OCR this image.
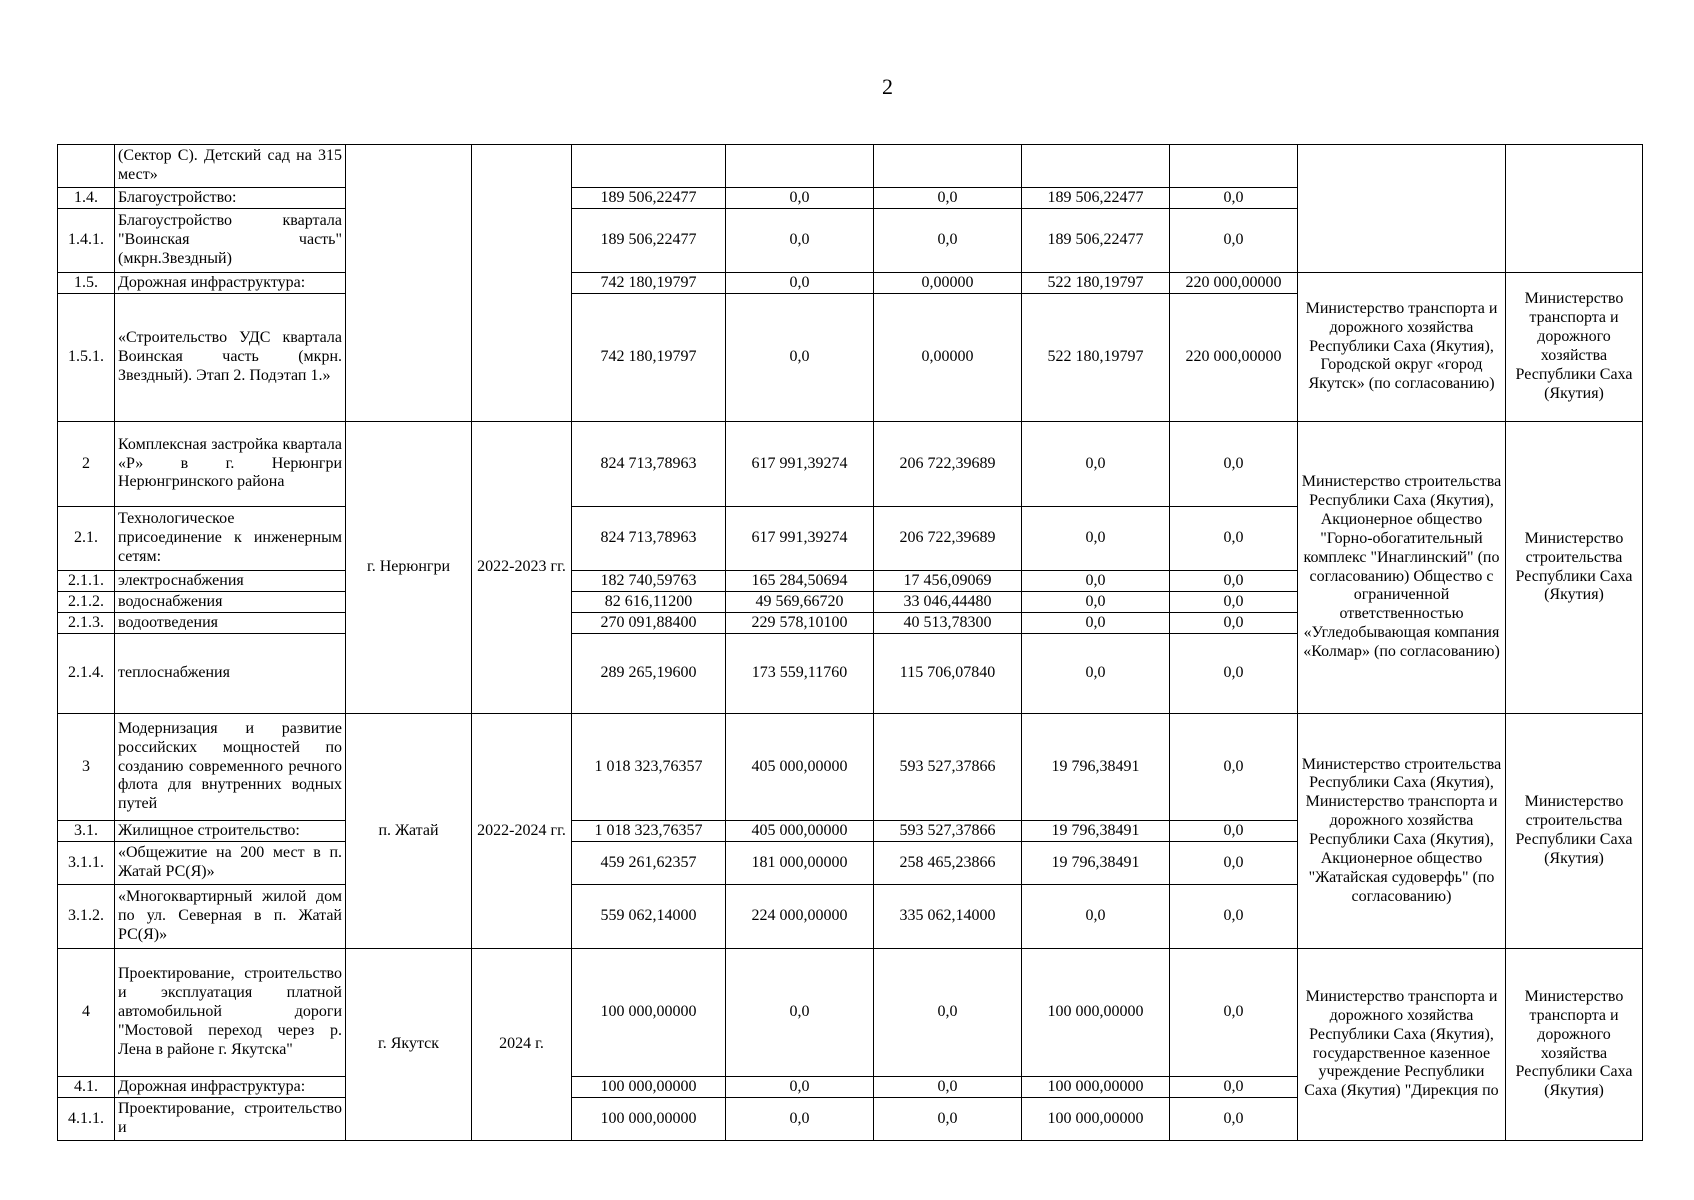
2
	(Сектор С). Детский сад на 315 мест»									
1.4.	Благоустройство:			189 506,22477	0,0	0,0	189 506,22477	0,0		
1.4.1.	Благоустройство квартала "Воинская часть" (мкрн.Звездный)			189 506,22477	0,0	0,0	189 506,22477	0,0		
1.5.	Дорожная инфраструктура:			742 180,19797	0,0	0,00000	522 180,19797	220 000,00000	Министерство транспорта и дорожного хозяйства Республики Саха (Якутия), Городской округ «город Якутск» (по согласованию)	Министерство транспорта и дорожного хозяйства Республики Саха (Якутия)
1.5.1.	«Строительство УДС квартала Воинская часть (мкрн. Звездный). Этап 2. Подэтап 1.»			742 180,19797	0,0	0,00000	522 180,19797	220 000,00000		
2	Комплексная застройка квартала «Р» в г. Нерюнгри Нерюнгринского района	г. Нерюнгри	2022-2023 гг.	824 713,78963	617 991,39274	206 722,39689	0,0	0,0	Министерство строительства Республики Саха (Якутия), Акционерное общество "Горно-обогатительный комплекс "Инаглинский" (по согласованию) Общество с ограниченной ответственностью «Угледобывающая компания «Колмар» (по согласованию)	Министерство строительства Республики Саха (Якутия)
2.1.	Технологическое присоединение к инженерным сетям:			824 713,78963	617 991,39274	206 722,39689	0,0	0,0		
2.1.1.	электроснабжения			182 740,59763	165 284,50694	17 456,09069	0,0	0,0		
2.1.2.	водоснабжения			82 616,11200	49 569,66720	33 046,44480	0,0	0,0		
2.1.3.	водоотведения			270 091,88400	229 578,10100	40 513,78300	0,0	0,0		
2.1.4.	теплоснабжения			289 265,19600	173 559,11760	115 706,07840	0,0	0,0		
3	Модернизация и развитие российских мощностей по созданию современного речного флота для внутренних водных путей	п. Жатай	2022-2024 гг.	1 018 323,76357	405 000,00000	593 527,37866	19 796,38491	0,0	Министерство строительства Республики Саха (Якутия), Министерство транспорта и дорожного хозяйства Республики Саха (Якутия), Акционерное общество "Жатайская судоверфь" (по согласованию)	Министерство строительства Республики Саха (Якутия)
3.1.	Жилищное строительство:			1 018 323,76357	405 000,00000	593 527,37866	19 796,38491	0,0		
3.1.1.	«Общежитие на 200 мест в п. Жатай РС(Я)»			459 261,62357	181 000,00000	258 465,23866	19 796,38491	0,0		
3.1.2.	«Многоквартирный жилой дом по ул. Северная в п. Жатай РС(Я)»			559 062,14000	224 000,00000	335 062,14000	0,0	0,0		
4	Проектирование, строительство и эксплуатация платной автомобильной дороги "Мостовой переход через р. Лена в районе г. Якутска"	г. Якутск	2024 г.	100 000,00000	0,0	0,0	100 000,00000	0,0	Министерство транспорта и дорожного хозяйства Республики Саха (Якутия), государственное казенное учреждение Республики Саха (Якутия) "Дирекция по	Министерство транспорта и дорожного хозяйства Республики Саха (Якутия)
4.1.	Дорожная инфраструктура:			100 000,00000	0,0	0,0	100 000,00000	0,0		
4.1.1.	Проектирование, строительство и			100 000,00000	0,0	0,0	100 000,00000	0,0		
